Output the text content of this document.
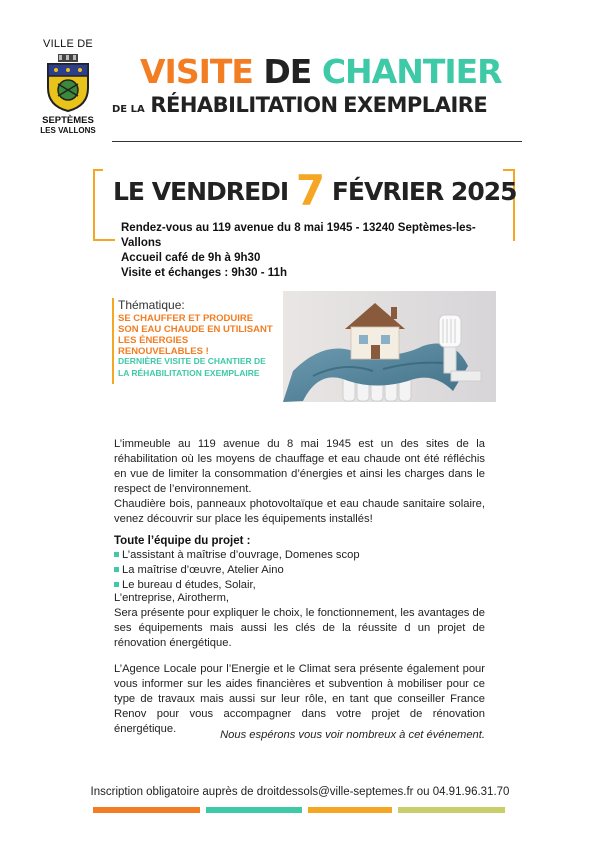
VILLE DE
SEPTÈMES
LES VALLONS
VISITE DE CHANTIER
DE LA RÉHABILITATION EXEMPLAIRE
LE VENDREDI 7 FÉVRIER 2025
Rendez-vous au 119 avenue du 8 mai 1945 - 13240 Septèmes-les-Vallons
Accueil café de 9h à 9h30
Visite et échanges : 9h30 - 11h
Thématique:
SE CHAUFFER ET PRODUIRE SON EAU CHAUDE EN UTILISANT LES ÉNERGIES RENOUVELABLES !
DERNIÈRE VISITE DE CHANTIER DE LA RÉHABILITATION EXEMPLAIRE
L’immeuble au 119 avenue du 8 mai 1945 est un des sites de la réhabilitation où les moyens de chauffage et eau chaude ont été réfléchis en vue de limiter la consommation d’énergies et ainsi les charges dans le respect de l’environnement.
Chaudière bois, panneaux photovoltaïque et eau chaude sanitaire solaire, venez découvrir sur place les équipements installés!
Toute l’équipe du projet :
L’assistant à maîtrise d’ouvrage, Domenes scop
La maîtrise d’œuvre, Atelier Aino
Le bureau d études, Solair,
L’entreprise, Airotherm,
Sera présente pour expliquer le choix, le fonctionnement, les avantages de ses équipements mais aussi les clés de la réussite d un projet de rénovation énergétique.
L’Agence Locale pour l’Energie et le Climat sera présente également pour vous informer sur les aides financières et subvention à mobiliser pour ce type de travaux mais aussi sur leur rôle, en tant que conseiller France Renov pour vous accompagner dans votre projet de rénovation énergétique.	Nous espérons vous voir nombreux à cet événement.
Inscription obligatoire auprès de droitdessols@ville-septemes.fr ou 04.91.96.31.70
